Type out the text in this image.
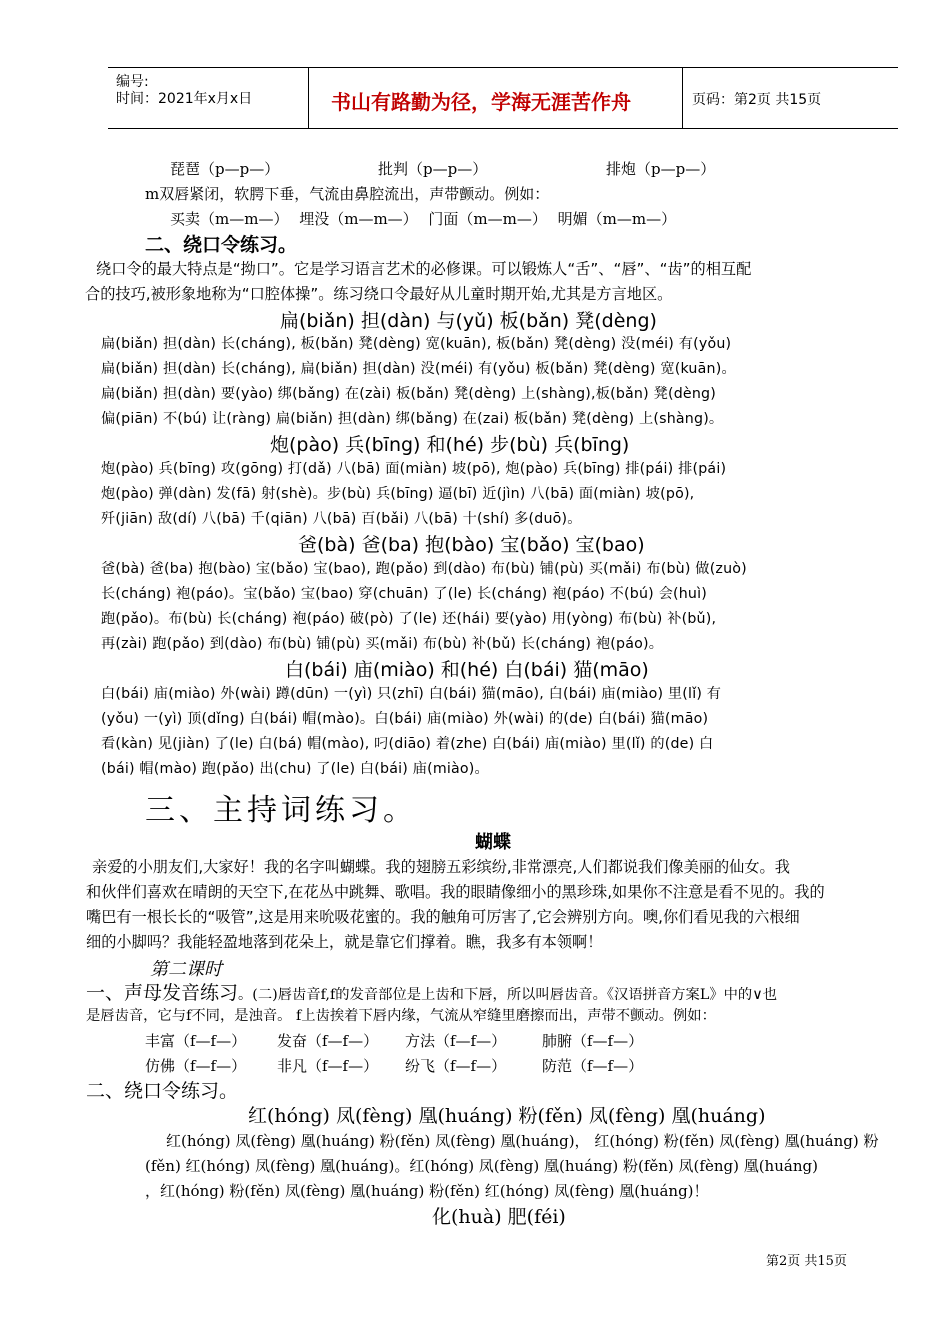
编号:
时间：2021年x月x日	书山有路勤为径，学海无涯苦作舟	页码：第2页 共15页
琵琶（p—p—）	批判（p—p—）	排炮（p—p—）
m双唇紧闭，软腭下垂，气流由鼻腔流出，声带颤动。例如：
买卖（m—m—） 埋没（m—m—） 门面（m—m—） 明媚（m—m—）
二、绕口令练习。
绕口令的最大特点是“拗口”。它是学习语言艺术的必修课。可以锻炼人“舌”、“唇”、“齿”的相互配
合的技巧,被形象地称为“口腔体操”。练习绕口令最好从儿童时期开始,尤其是方言地区。
扁(biǎn) 担(dàn) 与(yǔ) 板(bǎn) 凳(dèng)
扁(biǎn) 担(dàn) 长(cháng), 板(bǎn) 凳(dèng) 宽(kuān), 板(bǎn) 凳(dèng) 没(méi) 有(yǒu)
扁(biǎn) 担(dàn) 长(cháng), 扁(biǎn) 担(dàn) 没(méi) 有(yǒu) 板(bǎn) 凳(dèng) 宽(kuān)。
扁(biǎn) 担(dàn) 要(yào) 绑(bǎng) 在(zài) 板(bǎn) 凳(dèng) 上(shàng),板(bǎn) 凳(dèng)
偏(piān) 不(bú) 让(ràng) 扁(biǎn) 担(dàn) 绑(bǎng) 在(zai) 板(bǎn) 凳(dèng) 上(shàng)。
炮(pào) 兵(bīng) 和(hé) 步(bù) 兵(bīng)
炮(pào) 兵(bīng) 攻(gōng) 打(dǎ) 八(bā) 面(miàn) 坡(pō), 炮(pào) 兵(bīng) 排(pái) 排(pái)
炮(pào) 弹(dàn) 发(fā) 射(shè)。步(bù) 兵(bīng) 逼(bī) 近(jìn) 八(bā) 面(miàn) 坡(pō),
歼(jiān) 敌(dí) 八(bā) 千(qiān) 八(bā) 百(bǎi) 八(bā) 十(shí) 多(duō)。
爸(bà) 爸(ba) 抱(bào) 宝(bǎo) 宝(bao)
爸(bà) 爸(ba) 抱(bào) 宝(bǎo) 宝(bao), 跑(pǎo) 到(dào) 布(bù) 铺(pù) 买(mǎi) 布(bù) 做(zuò)
长(cháng) 袍(páo)。宝(bǎo) 宝(bao) 穿(chuān) 了(le) 长(cháng) 袍(páo) 不(bú) 会(huì)
跑(pǎo)。布(bù) 长(cháng) 袍(páo) 破(pò) 了(le) 还(hái) 要(yào) 用(yòng) 布(bù) 补(bǔ),
再(zài) 跑(pǎo) 到(dào) 布(bù) 铺(pù) 买(mǎi) 布(bù) 补(bǔ) 长(cháng) 袍(páo)。
白(bái) 庙(miào) 和(hé) 白(bái) 猫(māo)
白(bái) 庙(miào) 外(wài) 蹲(dūn) 一(yì) 只(zhī) 白(bái) 猫(māo), 白(bái) 庙(miào) 里(lǐ) 有
(yǒu) 一(yì) 顶(dǐng) 白(bái) 帽(mào)。白(bái) 庙(miào) 外(wài) 的(de) 白(bái) 猫(māo)
看(kàn) 见(jiàn) 了(le) 白(bá) 帽(mào), 叼(diāo) 着(zhe) 白(bái) 庙(miào) 里(lǐ) 的(de) 白
(bái) 帽(mào) 跑(pǎo) 出(chu) 了(le) 白(bái) 庙(miào)。
三、主持词练习。
蝴蝶
亲爱的小朋友们,大家好！我的名字叫蝴蝶。我的翅膀五彩缤纷,非常漂亮,人们都说我们像美丽的仙女。我
和伙伴们喜欢在晴朗的天空下,在花丛中跳舞、歌唱。我的眼睛像细小的黑珍珠,如果你不注意是看不见的。我的
嘴巴有一根长长的“吸管”,这是用来吮吸花蜜的。我的触角可厉害了,它会辨别方向。噢,你们看见我的六根细
细的小脚吗？我能轻盈地落到花朵上，就是靠它们撑着。瞧，我多有本领啊！
第二课时
一、声母发音练习。(二)唇齿音f,f的发音部位是上齿和下唇，所以叫唇齿音。《汉语拼音方案L》中的∨也
是唇齿音，它与f不同，是浊音。 f上齿挨着下唇内缘，气流从窄缝里磨擦而出，声带不颤动。例如：
丰富（f—f—） 发奋（f—f—） 方法（f—f—） 肺腑（f—f—）
仿佛（f—f—） 非凡（f—f—） 纷飞（f—f—） 防范（f—f—）
二、绕口令练习。
红(hóng) 凤(fèng) 凰(huáng) 粉(fěn) 凤(fèng) 凰(huáng)
红(hóng) 凤(fèng) 凰(huáng) 粉(fěn) 凤(fèng) 凰(huáng)， 红(hóng) 粉(fěn) 凤(fèng) 凰(huáng) 粉
(fěn) 红(hóng) 凤(fèng) 凰(huáng)。红(hóng) 凤(fèng) 凰(huáng) 粉(fěn) 凤(fèng) 凰(huáng)
，红(hóng) 粉(fěn) 凤(fèng) 凰(huáng) 粉(fěn) 红(hóng) 凤(fèng) 凰(huáng)！
化(huà) 肥(féi)
第2页 共15页
